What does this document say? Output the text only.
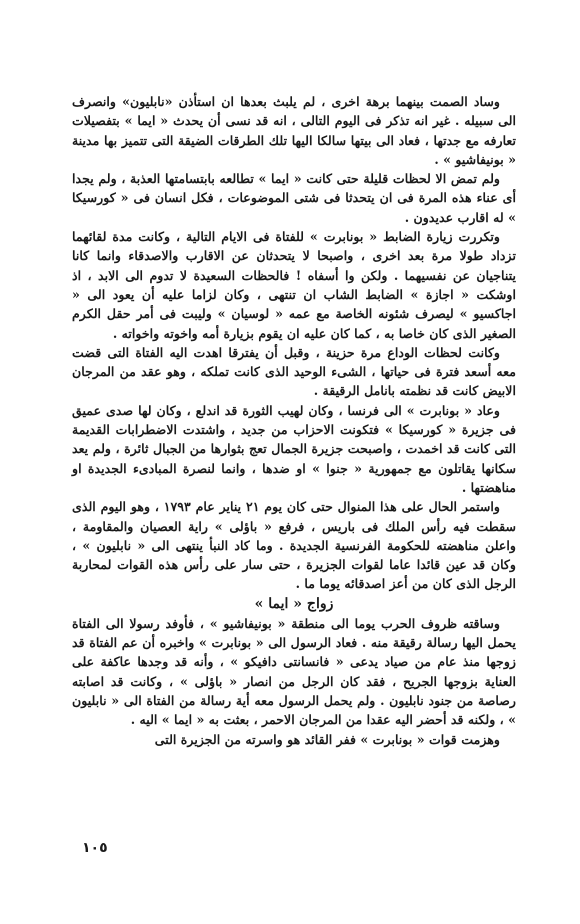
وساد الصمت بينهما برهة اخرى ، لم يلبث بعدها ان استأذن «نابليون» وانصرف الى سبيله . غير انه تذكر فى اليوم التالى ، انه قد نسى أن يحدث « ايما » بتفصيلات تعارفه مع جدتها ، فعاد الى بيتها سالكا اليها تلك الطرقات الضيقة التى تتميز بها مدينة « بونيفاشيو » .

ولم تمض الا لحظات قليلة حتى كانت « ايما » تطالعه بابتسامتها العذبة ، ولم يجدا أى عناء هذه المرة فى ان يتحدثا فى شتى الموضوعات ، فكل انسان فى « كورسيكا » له اقارب عديدون .

وتكررت زيارة الضابط « بونابرت » للفتاة فى الايام التالية ، وكانت مدة لقائهما تزداد طولا مرة بعد اخرى ، واصبحا لا يتحدثان عن الاقارب والاصدقاء وانما كانا يتناجيان عن نفسيهما . ولكن وا أسفاه ! فالحظات السعيدة لا تدوم الى الابد ، اذ اوشكت « اجازة » الضابط الشاب ان تنتهى ، وكان لزاما عليه أن يعود الى « اجاكسيو » ليصرف شئونه الخاصة مع عمه « لوسيان » وليبت فى أمر حقل الكرم الصغير الذى كان خاصا به ، كما كان عليه ان يقوم بزيارة أمه واخوته واخواته .

وكانت لحظات الوداع مرة حزينة ، وقبل أن يفترقا اهدت اليه الفتاة التى قضت معه أسعد فترة فى حياتها ، الشىء الوحيد الذى كانت تملكه ، وهو عقد من المرجان الابيض كانت قد نظمته بانامل الرقيقة .

وعاد « بونابرت » الى فرنسا ، وكان لهيب الثورة قد اندلع ، وكان لها صدى عميق فى جزيرة « كورسيكا » فتكونت الاحزاب من جديد ، واشتدت الاضطرابات القديمة التى كانت قد اخمدت ، واصبحت جزيرة الجمال تعج بثوارها من الجبال ثائرة ، ولم يعد سكانها يقاتلون مع جمهورية « جنوا » او ضدها ، وانما لنصرة المبادىء الجديدة او مناهضتها .

واستمر الحال على هذا المنوال حتى كان يوم ٢١ يناير عام ١٧٩٣ ، وهو اليوم الذى سقطت فيه رأس الملك فى باريس ، فرفع « باؤلى » راية العصيان والمقاومة ، واعلن مناهضته للحكومة الفرنسية الجديدة . وما كاد النبأ ينتهى الى « نابليون » ، وكان قد عين قائدا عاما لقوات الجزيرة ، حتى سار على رأس هذه القوات لمحاربة الرجل الذى كان من أعز اصدقائه يوما ما .

زواج « ايما »

وساقته ظروف الحرب يوما الى منطقة « بونيفاشيو » ، فأوفد رسولا الى الفتاة يحمل اليها رسالة رقيقة منه . فعاد الرسول الى « بونابرت » واخبره أن عم الفتاة قد زوجها منذ عام من صياد يدعى « فانسانتى دافيكو » ، وأنه قد وجدها عاكفة على العناية بزوجها الجريح ، فقد كان الرجل من انصار « باؤلى » ، وكانت قد اصابته رصاصة من جنود نابليون . ولم يحمل الرسول معه أية رسالة من الفتاة الى « نابليون » ، ولكنه قد أحضر اليه عقدا من المرجان الاحمر ، بعثت به « ايما » اليه .

وهزمت قوات « بونابرت » ففر القائد هو واسرته من الجزيرة التى

١٠٥
